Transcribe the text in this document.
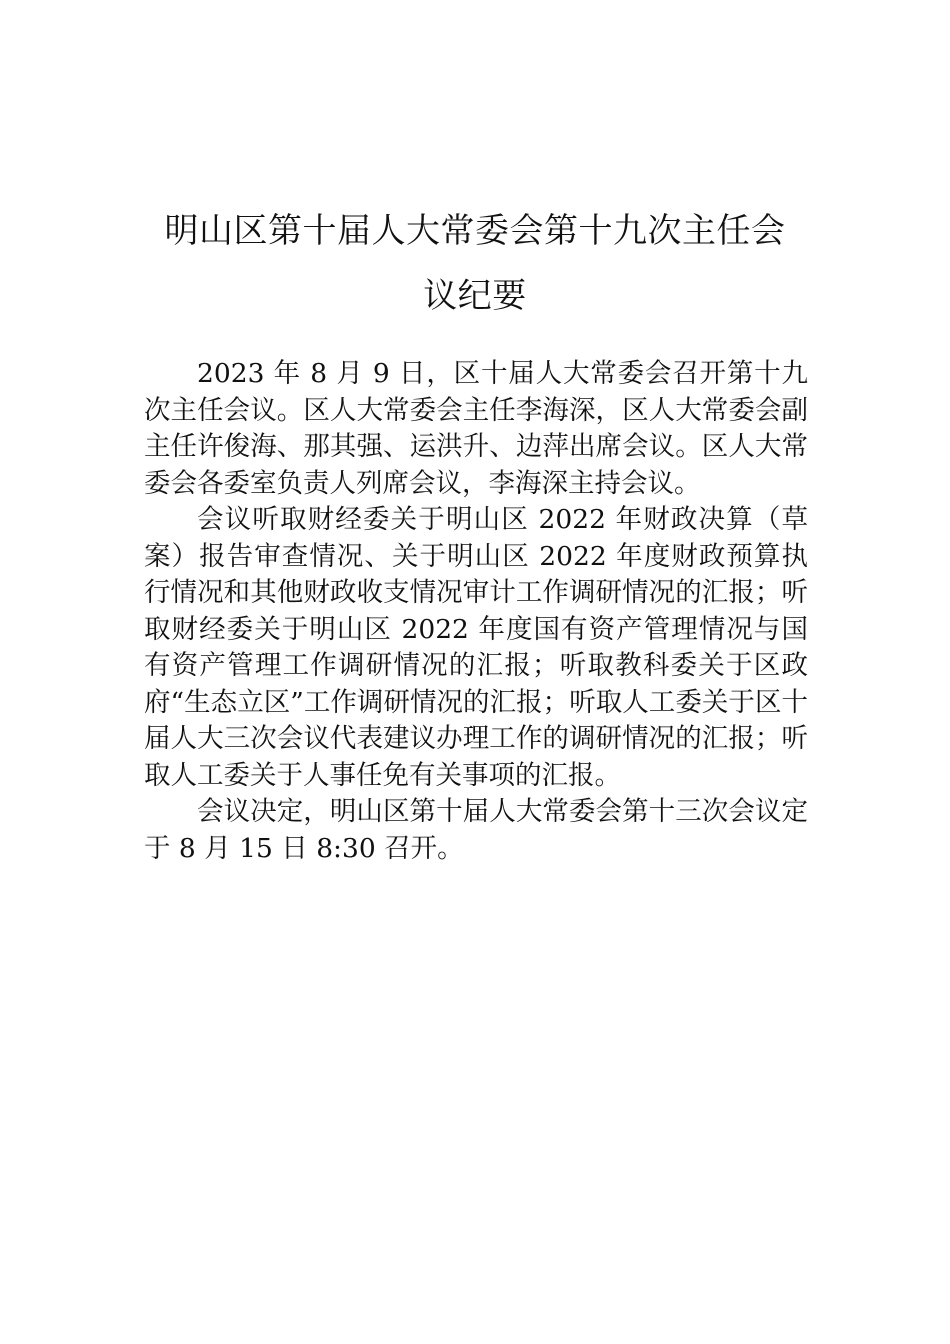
明山区第十届人大常委会第十九次主任会
议纪要

2023 年 8 月 9 日，区十届人大常委会召开第十九次主任会议。区人大常委会主任李海深，区人大常委会副主任许俊海、那其强、运洪升、边萍出席会议。区人大常委会各委室负责人列席会议，李海深主持会议。

会议听取财经委关于明山区 2022 年财政决算（草案）报告审查情况、关于明山区 2022 年度财政预算执行情况和其他财政收支情况审计工作调研情况的汇报；听取财经委关于明山区 2022 年度国有资产管理情况与国有资产管理工作调研情况的汇报；听取教科委关于区政府“生态立区”工作调研情况的汇报；听取人工委关于区十届人大三次会议代表建议办理工作的调研情况的汇报；听取人工委关于人事任免有关事项的汇报。

会议决定，明山区第十届人大常委会第十三次会议定于 8 月 15 日 8:30 召开。
